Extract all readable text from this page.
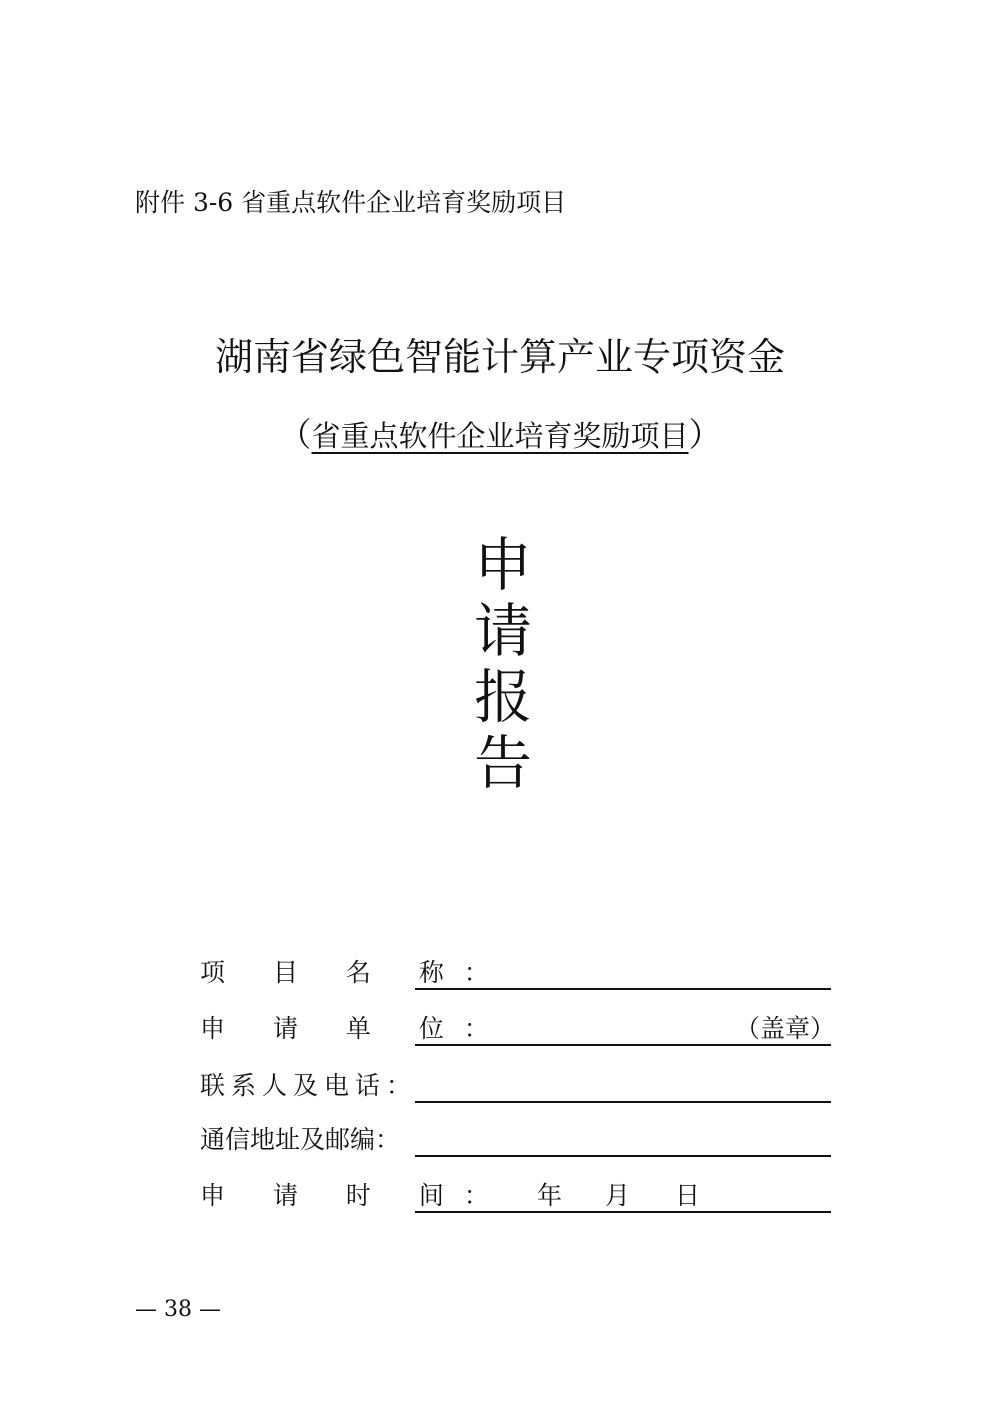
附件 3-6 省重点软件企业培育奖励项目
湖南省绿色智能计算产业专项资金
（省重点软件企业培育奖励项目）
申
请
报
告
项 目 名 称：
申 请 单 位：	（盖章）
联系人及电话：
通信地址及邮编：
申 请 时 间： 年 月 日
— 38 —
